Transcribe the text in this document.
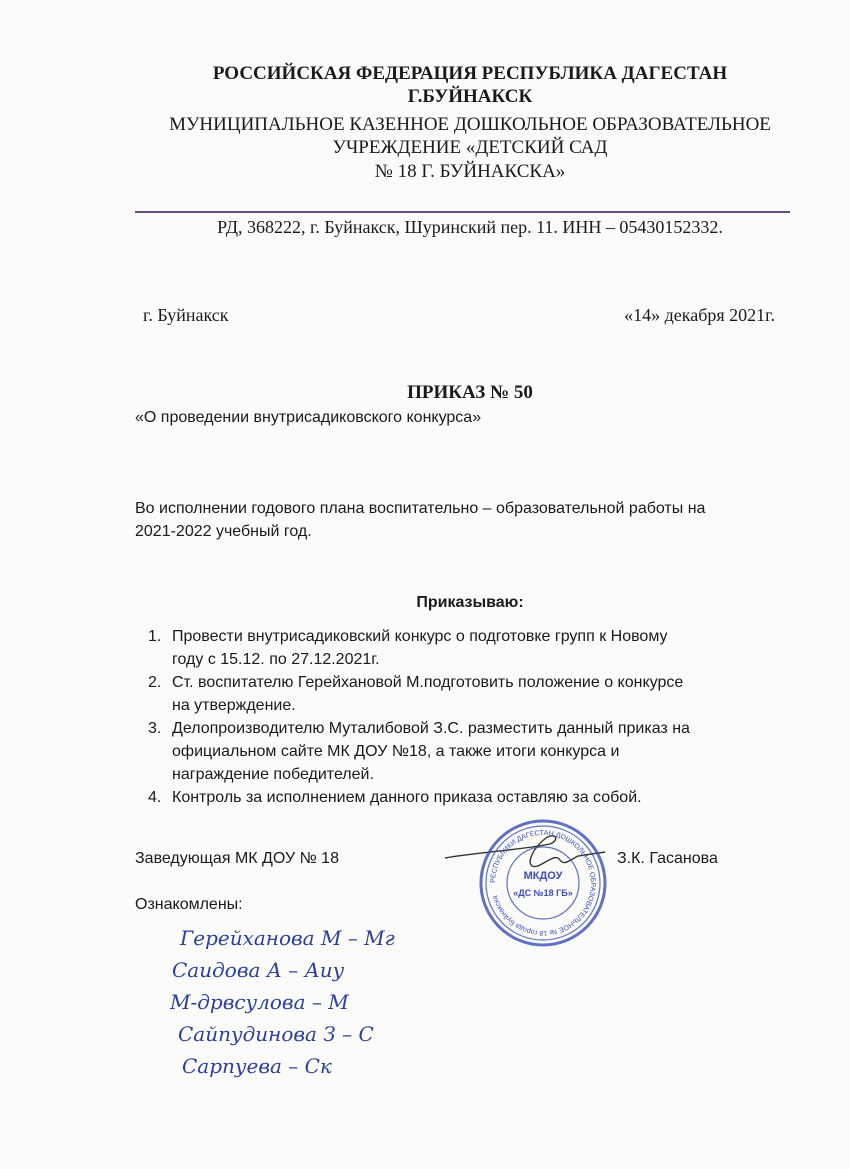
РОССИЙСКАЯ ФЕДЕРАЦИЯ РЕСПУБЛИКА ДАГЕСТАН
Г.БУЙНАКСК
МУНИЦИПАЛЬНОЕ КАЗЕННОЕ ДОШКОЛЬНОЕ ОБРАЗОВАТЕЛЬНОЕ
УЧРЕЖДЕНИЕ «ДЕТСКИЙ САД
№ 18 Г. БУЙНАКСКА»
РД, 368222, г. Буйнакск, Шуринский пер. 11. ИНН – 05430152332.
г. Буйнакск	«14» декабря 2021г.
ПРИКАЗ № 50
«О проведении внутрисадиковского конкурса»
Во исполнении годового плана воспитательно – образовательной работы на
2021-2022 учебный год.
Приказываю:
1. Провести внутрисадиковский конкурс о подготовке групп к Новому
году с 15.12. по 27.12.2021г.
2. Ст. воспитателю Герейхановой М.подготовить положение о конкурсе
на утверждение.
3. Делопроизводителю Муталибовой З.С. разместить данный приказ на
официальном сайте МК ДОУ №18, а также итоги конкурса и
награждение победителей.
4. Контроль за исполнением данного приказа оставляю за собой.
Заведующая МК ДОУ № 18
РЕСПУБЛИКИ ДАГЕСТАН ДОШКОЛЬНОЕ ОБРАЗОВАТЕЛЬНОЕ № 18 города Буйнакска
МКДОУ
«ДС №18 ГБ»
З.К. Гасанова
Ознакомлены:
Герейханова М – Мг
Саидова А – Аиу
М-дрвсулова – М
Сайпудинова З – С
Сарпуева – Ск
